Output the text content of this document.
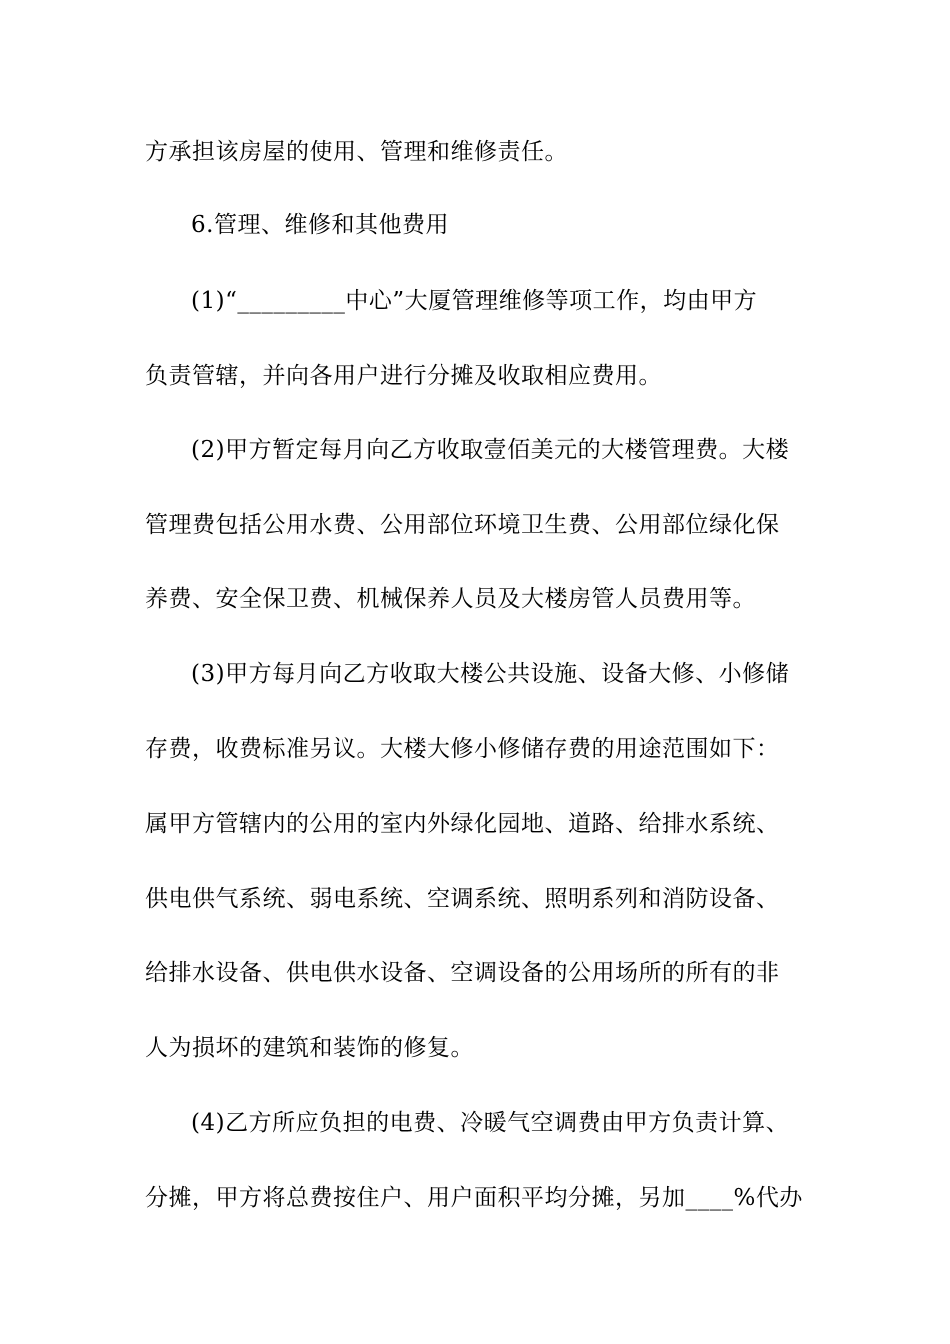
方承担该房屋的使用、管理和维修责任。
6.管理、维修和其他费用
(1)“_________中心”大厦管理维修等项工作，均由甲方
负责管辖，并向各用户进行分摊及收取相应费用。
(2)甲方暂定每月向乙方收取壹佰美元的大楼管理费。大楼
管理费包括公用水费、公用部位环境卫生费、公用部位绿化保
养费、安全保卫费、机械保养人员及大楼房管人员费用等。
(3)甲方每月向乙方收取大楼公共设施、设备大修、小修储
存费，收费标准另议。大楼大修小修储存费的用途范围如下：
属甲方管辖内的公用的室内外绿化园地、道路、给排水系统、
供电供气系统、弱电系统、空调系统、照明系列和消防设备、
给排水设备、供电供水设备、空调设备的公用场所的所有的非
人为损坏的建筑和装饰的修复。
(4)乙方所应负担的电费、冷暖气空调费由甲方负责计算、
分摊，甲方将总费按住户、用户面积平均分摊，另加____%代办
